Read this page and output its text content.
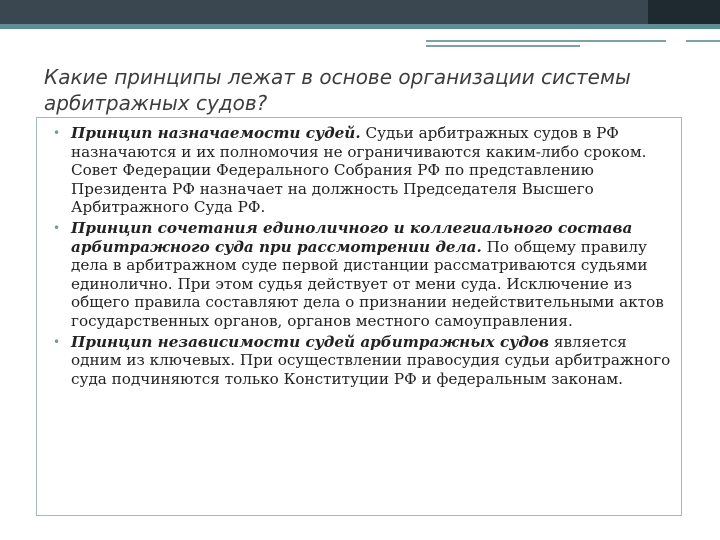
Какие принципы лежат в основе организации системы арбитражных судов?
• Принцип назначаемости судей. Судьи арбитражных судов в РФ назначаются и их полномочия не ограничиваются каким-либо сроком. Совет Федерации Федерального Собрания РФ по представлению Президента РФ назначает на должность Председателя Высшего Арбитражного Суда РФ.
• Принцип сочетания единоличного и коллегиального состава арбитражного суда при рассмотрении дела. По общему правилу дела в арбитражном суде первой дистанции рассматриваются судьями единолично. При этом судья действует от мени суда. Исключение из общего правила составляют дела о признании недействительными актов государственных органов, органов местного самоуправления.
• Принцип независимости судей арбитражных судов является одним из ключевых. При осуществлении правосудия судьи арбитражного суда подчиняются только Конституции РФ и федеральным законам.
